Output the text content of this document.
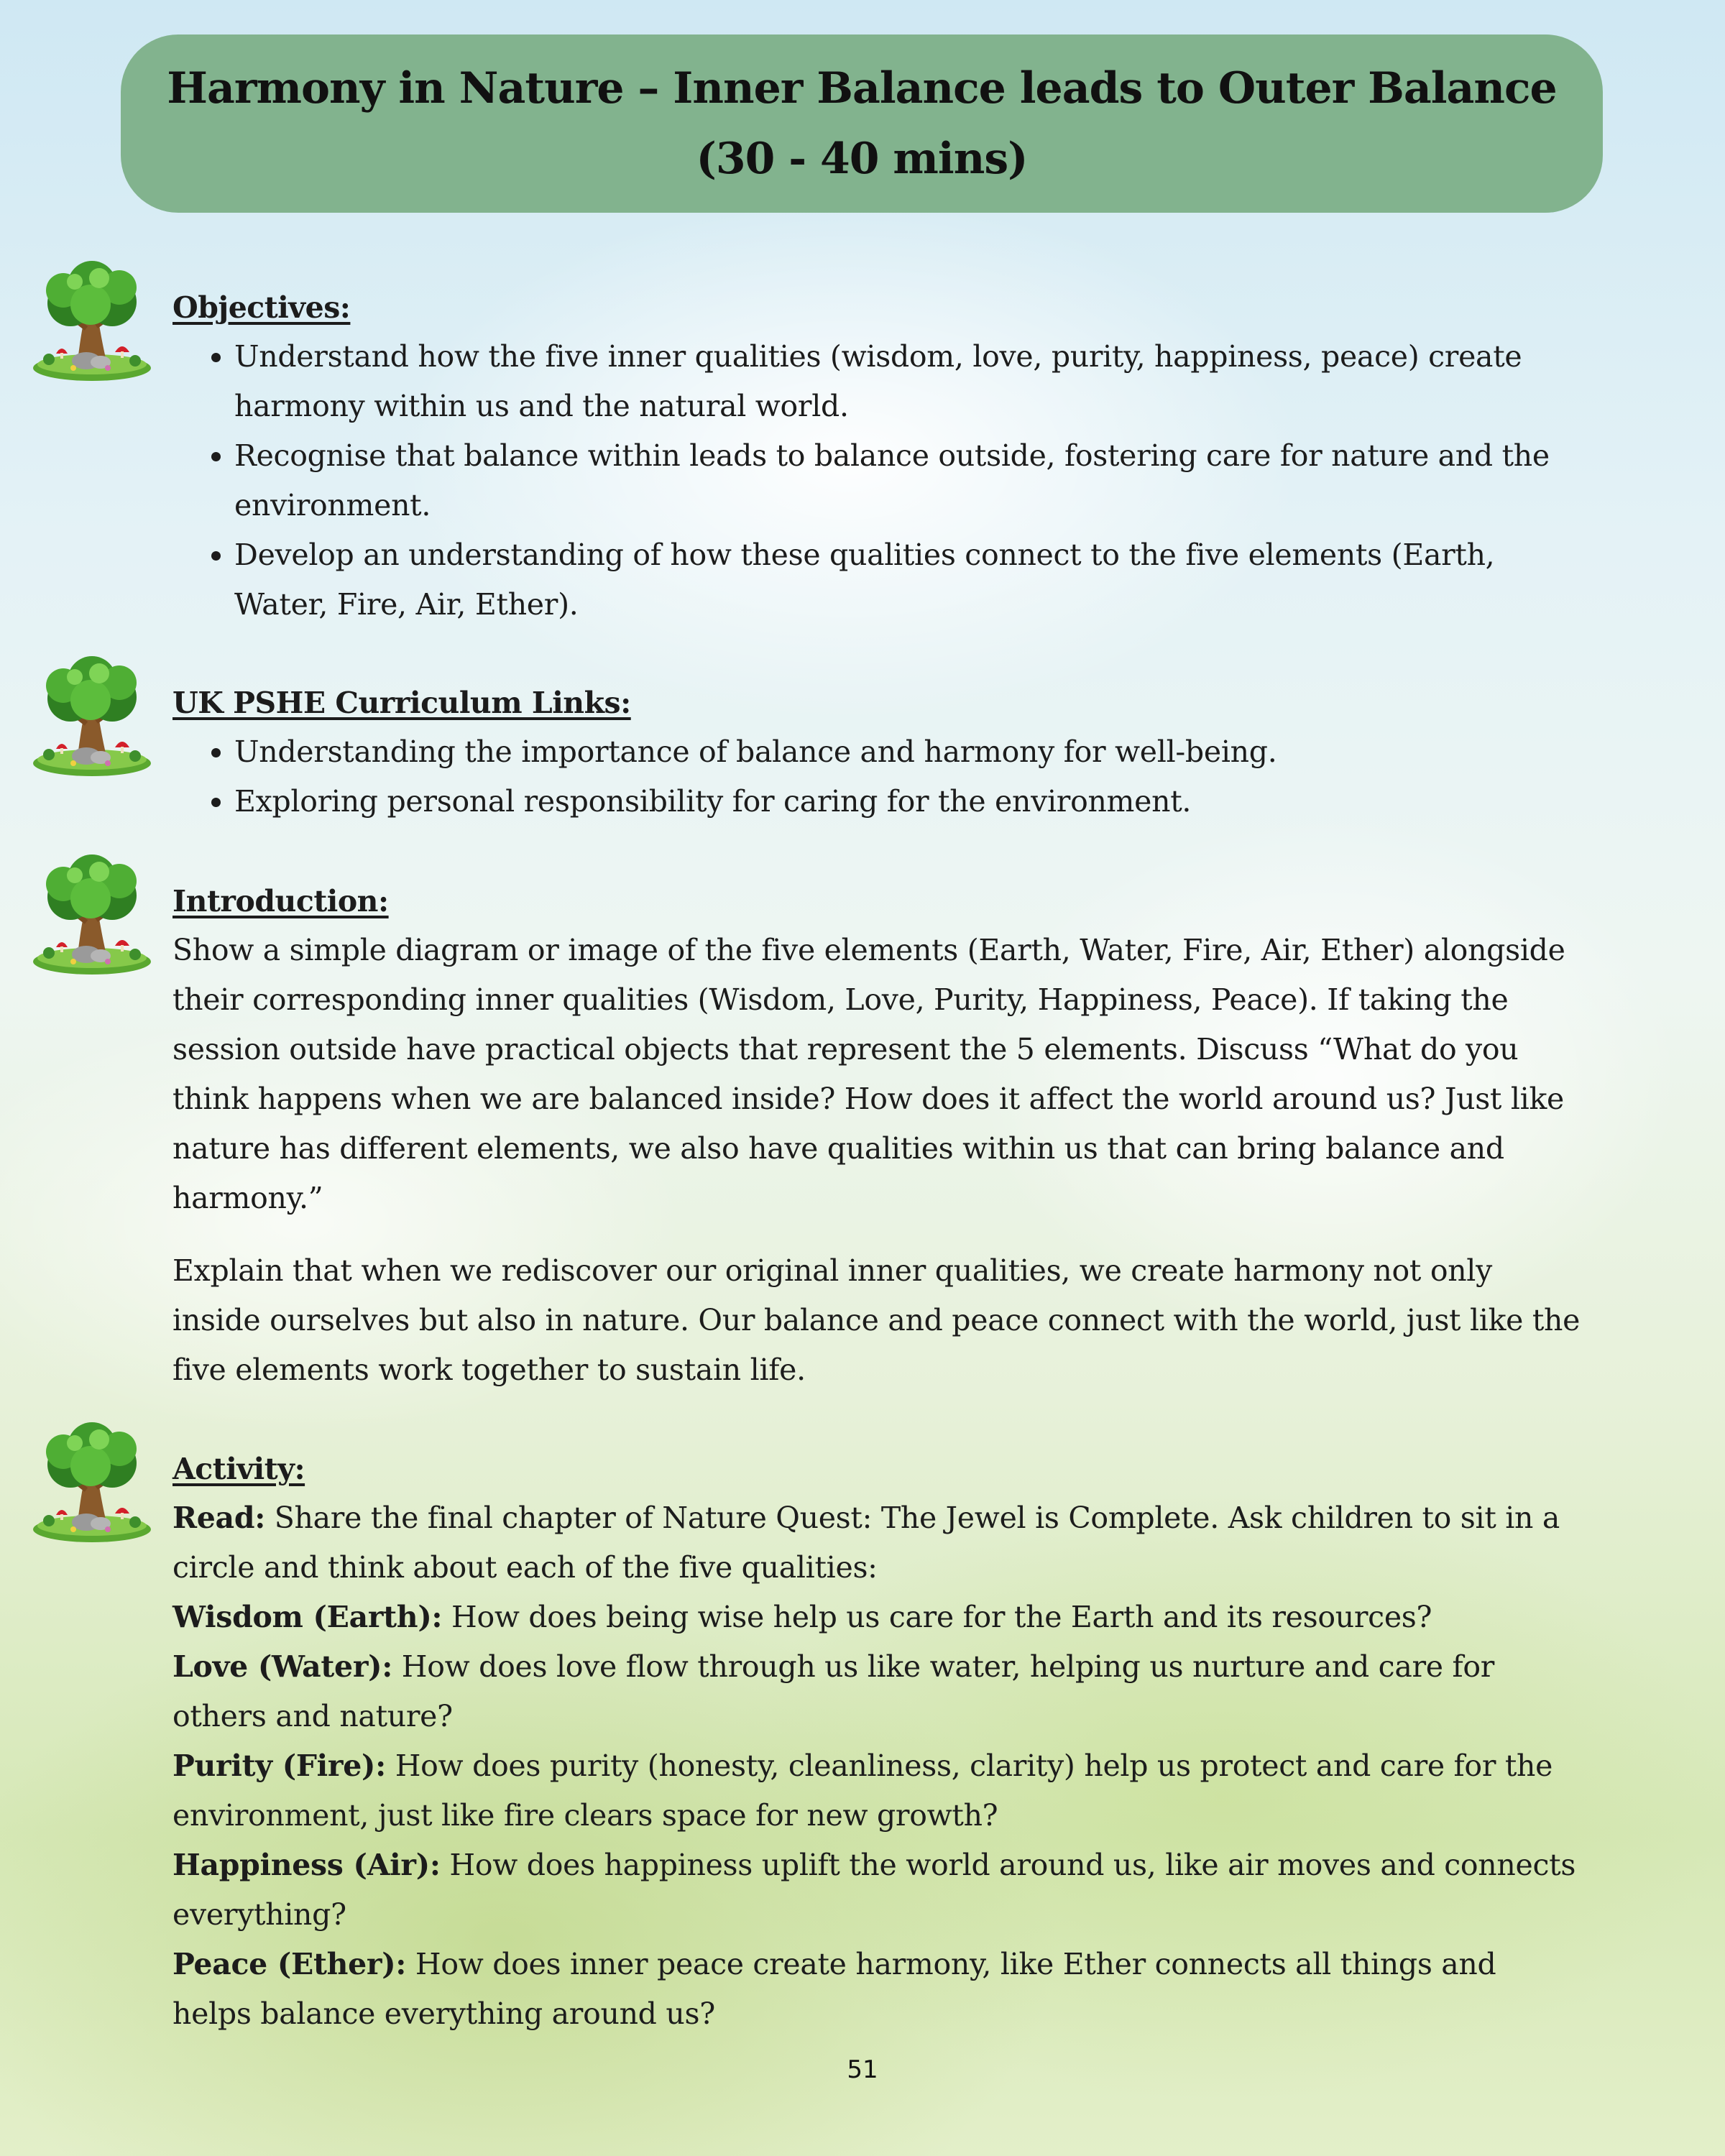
Harmony in Nature – Inner Balance leads to Outer Balance
(30 - 40 mins)
Objectives:
• Understand how the five inner qualities (wisdom, love, purity, happiness, peace) create harmony within us and the natural world.
• Recognise that balance within leads to balance outside, fostering care for nature and the environment.
• Develop an understanding of how these qualities connect to the five elements (Earth, Water, Fire, Air, Ether).
UK PSHE Curriculum Links:
• Understanding the importance of balance and harmony for well-being.
• Exploring personal responsibility for caring for the environment.
Introduction:

Show a simple diagram or image of the five elements (Earth, Water, Fire, Air, Ether) alongside their corresponding inner qualities (Wisdom, Love, Purity, Happiness, Peace). If taking the session outside have practical objects that represent the 5 elements. Discuss “What do you think happens when we are balanced inside? How does it affect the world around us? Just like nature has different elements, we also have qualities within us that can bring balance and harmony.”

Explain that when we rediscover our original inner qualities, we create harmony not only inside ourselves but also in nature. Our balance and peace connect with the world, just like the five elements work together to sustain life.

Activity:

Read: Share the final chapter of Nature Quest: The Jewel is Complete. Ask children to sit in a circle and think about each of the five qualities:

Wisdom (Earth): How does being wise help us care for the Earth and its resources?

Love (Water): How does love flow through us like water, helping us nurture and care for others and nature?

Purity (Fire): How does purity (honesty, cleanliness, clarity) help us protect and care for the environment, just like fire clears space for new growth?

Happiness (Air): How does happiness uplift the world around us, like air moves and connects everything?

Peace (Ether): How does inner peace create harmony, like Ether connects all things and helps balance everything around us?

51
